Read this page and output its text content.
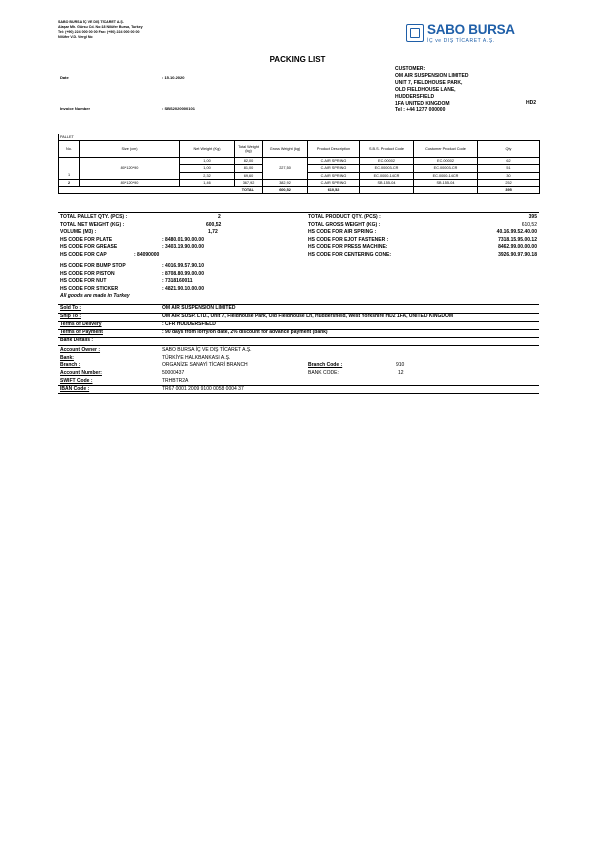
SABO BURSA İÇ VE DIŞ TİCARET A.Ş.
Alaşar Mh. Gürsu Cd. No:18 Nilüfer Bursa, Turkey
Tel: (+90) 224 000 00 00 Fax: (+90) 224 000 00 00
Nilüfer V.D. Vergi No	SABO BURSA
İÇ ve DIŞ TİCARET A.Ş.
PACKING LIST
Date	: 15.10.2020
Invoice Number	: SBS2020000101
CUSTOMER:
OM AIR SUSPENSION LIMITED
UNIT 7, FIELDHOUSE PARK,
OLD FIELDHOUSE LANE,
HUDDERSFIELD
1FA UNITED KINGDOM
Tel : +44 1277 000000
HD2
PALLET								
No.	Size (cm)	Net Weight (Kg)	Total Weight (kg)	Gross Weight (kg)	Product Description	S.B.S. Product Code	Customer Product Code	Qty
		1,00	82,00		C.AIR SPRING	EC.00002	EC.00002	62
	80*120*90	1,00	81,00	227,50	C.AIR SPRING	EC.00003-CR	EC.00003-CR	51
1		2,32	69,60		C.AIR SPRING	EC.0000-14CR	EC.0000-14CR	30
2	80*120*90	1,46	367,92	382,92	C.AIR SPRING	SB.155-04	SB.155-04	252
TOTAL				600,52	610,52			395
TOTAL PALLET QTY. (PCS) :	2	TOTAL PRODUCT QTY. (PCS) :	395
TOTAL NET WEIGHT (KG) :	600,52	TOTAL GROSS WEIGHT (KG) :	610,52
VOLUME (M3) :	1,72	HS CODE FOR AIR SPRING :	40.16.99.52.40.00
HS CODE FOR PLATE	: 8480.01.90.00.00	HS CODE FOR EJOT FASTENER :	7318.15.95.00.12
HS CODE FOR GREASE	: 3403.19.90.00.00	HS CODE FOR PRESS MACHINE:	8462.99.00.00.00
HS CODE FOR CAP	: 84090000	HS CODE FOR CENTERING CONE:	3926.90.97.90.18
HS CODE FOR BUMP STOP	: 4016.99.57.90.10
HS CODE FOR PISTON	: 8708.80.99.00.00
HS CODE FOR NUT	: 7318160011
HS CODE FOR STICKER	: 4821.90.10.00.00
All goods are made in Turkey
Sold To :	OM AIR SUSPENSION LIMITED
Ship To :	OM AIR SUSP. LTD., Unit 7, Fieldhouse Park, Old Fieldhouse Ln, Huddersfield, West Yorkshire HD2 1FA, UNITED KINGDOM
Terms of Delivery	: CFR HUDDERSFIELD
Terms of Payment	: 90 days from lorry/on date, 2% discount for advance payment (bank)
Bank Details :
Account Owner :	SABO BURSA İÇ VE DIŞ TİCARET A.Ş.
Bank:	TÜRKİYE HALKBANKASI A.Ş.
Branch :	ORGANİZE SANAYİ TİCARİ BRANCH	Branch Code :	910
Account Number:	50000437	BANK CODE:	12
SWIFT Code :	TRHBTR2A
IBAN Code :	TR67 0001 2009 9100 0058 0004 37
